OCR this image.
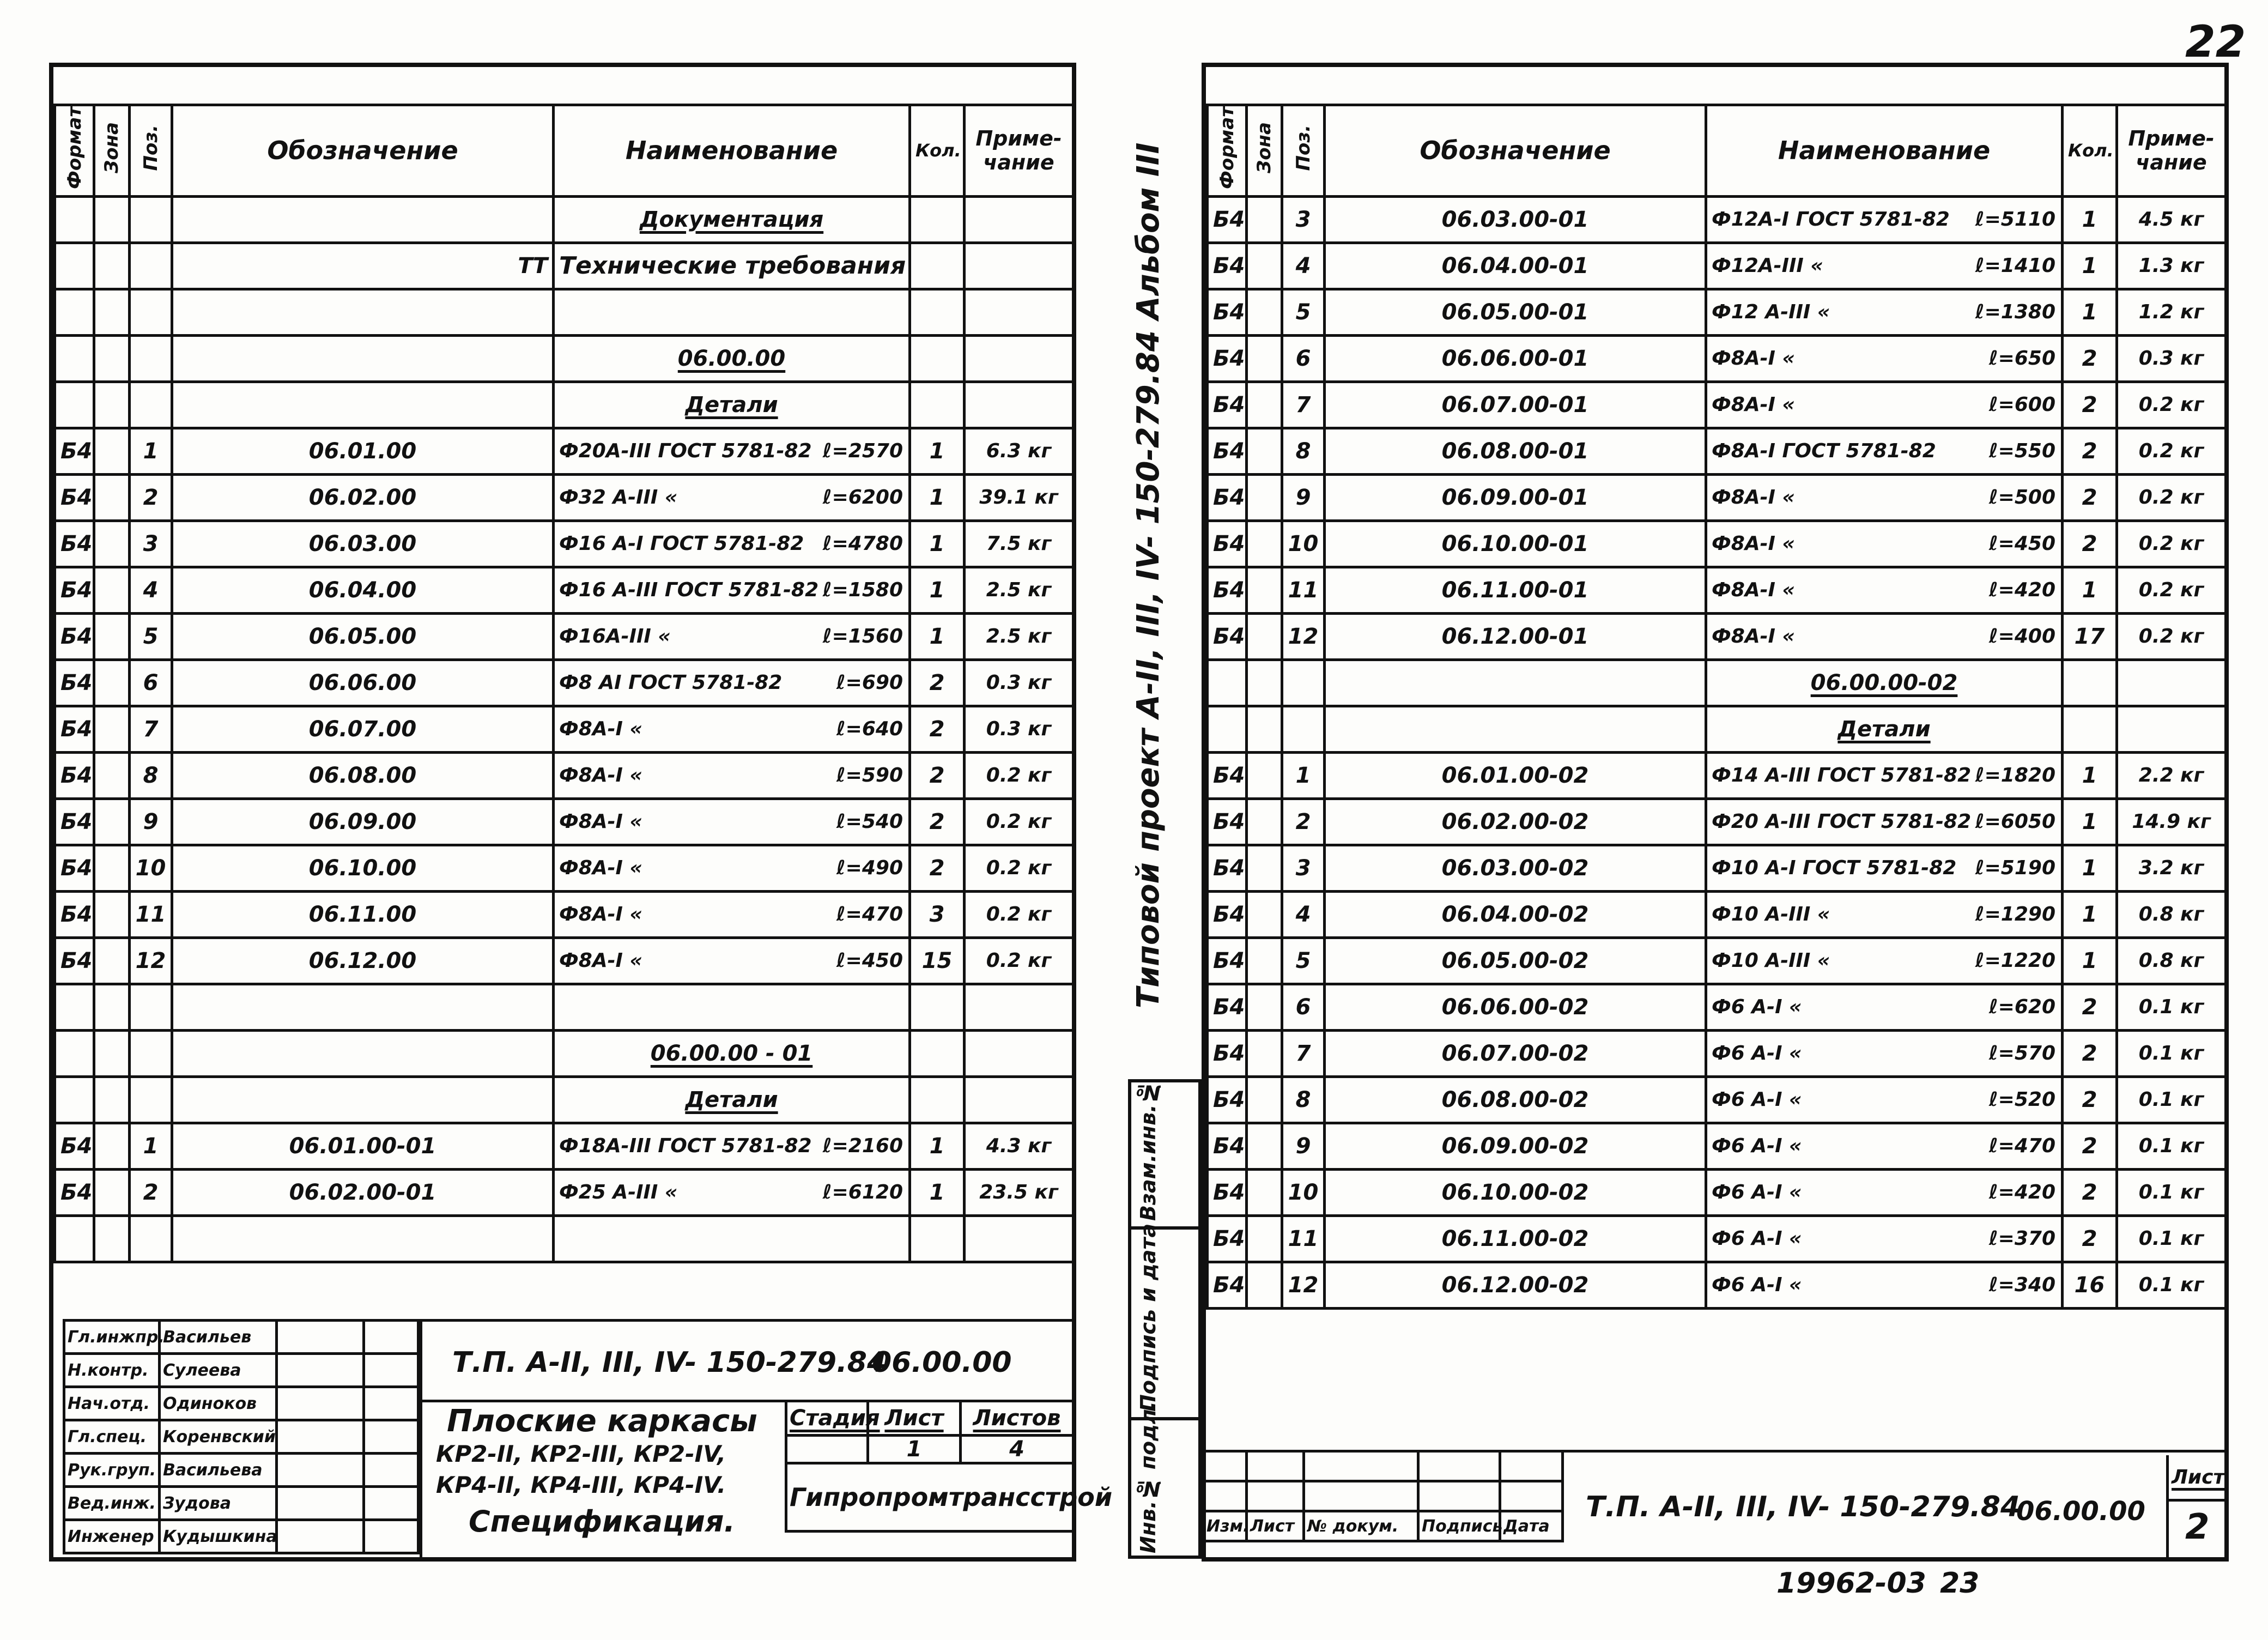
22
Формат	Зона	Поз.	Обозначение	Наименование	Кол.	Приме- чание
				Документация		
			ТТ	Технические требования		

				06.00.00		
				Детали		
Б4		1	06.01.00	Ф20А-III ГОСТ 5781-82 ℓ=2570	1	6.3 кг
Б4		2	06.02.00	Ф32 А-III « ℓ=6200	1	39.1 кг
Б4		3	06.03.00	Ф16 А-I ГОСТ 5781-82 ℓ=4780	1	7.5 кг
Б4		4	06.04.00	Ф16 А-III ГОСТ 5781-82 ℓ=1580	1	2.5 кг
Б4		5	06.05.00	Ф16А-III « ℓ=1560	1	2.5 кг
Б4		6	06.06.00	Ф8 АI ГОСТ 5781-82 ℓ=690	2	0.3 кг
Б4		7	06.07.00	Ф8А-I « ℓ=640	2	0.3 кг
Б4		8	06.08.00	Ф8А-I « ℓ=590	2	0.2 кг
Б4		9	06.09.00	Ф8А-I « ℓ=540	2	0.2 кг
Б4		10	06.10.00	Ф8А-I « ℓ=490	2	0.2 кг
Б4		11	06.11.00	Ф8А-I « ℓ=470	3	0.2 кг
Б4		12	06.12.00	Ф8А-I « ℓ=450	15	0.2 кг

				06.00.00 - 01		
				Детали		
Б4		1	06.01.00-01	Ф18А-III ГОСТ 5781-82 ℓ=2160	1	4.3 кг
Б4		2	06.02.00-01	Ф25 А-III « ℓ=6120	1	23.5 кг

Гл.инжпр.	Васильев		
Н.контр.	Сулеева		
Нач.отд.	Одиноков		
Гл.спец.	Коренвский		
Рук.груп.	Васильева		
Вед.инж.	Зудова		
Инженер	Кудышкина		
Т.П. А-II, III, IV- 150-279.84
06.00.00
Плоские каркасы
КР2-II, КР2-III, КР2-IV,
КР4-II, КР4-III, КР4-IV.
Спецификация.
Стадия	Лист	Листов
	1	4
Гипропромтрансстрой		
Формат	Зона	Поз.	Обозначение	Наименование	Кол.	Приме- чание
Б4		3	06.03.00-01	Ф12А-I ГОСТ 5781-82 ℓ=5110	1	4.5 кг
Б4		4	06.04.00-01	Ф12А-III « ℓ=1410	1	1.3 кг
Б4		5	06.05.00-01	Ф12 А-III « ℓ=1380	1	1.2 кг
Б4		6	06.06.00-01	Ф8А-I « ℓ=650	2	0.3 кг
Б4		7	06.07.00-01	Ф8А-I « ℓ=600	2	0.2 кг
Б4		8	06.08.00-01	Ф8А-I ГОСТ 5781-82 ℓ=550	2	0.2 кг
Б4		9	06.09.00-01	Ф8А-I « ℓ=500	2	0.2 кг
Б4		10	06.10.00-01	Ф8А-I « ℓ=450	2	0.2 кг
Б4		11	06.11.00-01	Ф8А-I « ℓ=420	1	0.2 кг
Б4		12	06.12.00-01	Ф8А-I « ℓ=400	17	0.2 кг
				06.00.00-02		
				Детали		
Б4		1	06.01.00-02	Ф14 А-III ГОСТ 5781-82 ℓ=1820	1	2.2 кг
Б4		2	06.02.00-02	Ф20 А-III ГОСТ 5781-82 ℓ=6050	1	14.9 кг
Б4		3	06.03.00-02	Ф10 А-I ГОСТ 5781-82 ℓ=5190	1	3.2 кг
Б4		4	06.04.00-02	Ф10 А-III « ℓ=1290	1	0.8 кг
Б4		5	06.05.00-02	Ф10 А-III « ℓ=1220	1	0.8 кг
Б4		6	06.06.00-02	Ф6 А-I « ℓ=620	2	0.1 кг
Б4		7	06.07.00-02	Ф6 А-I « ℓ=570	2	0.1 кг
Б4		8	06.08.00-02	Ф6 А-I « ℓ=520	2	0.1 кг
Б4		9	06.09.00-02	Ф6 А-I « ℓ=470	2	0.1 кг
Б4		10	06.10.00-02	Ф6 А-I « ℓ=420	2	0.1 кг
Б4		11	06.11.00-02	Ф6 А-I « ℓ=370	2	0.1 кг
Б4		12	06.12.00-02	Ф6 А-I « ℓ=340	16	0.1 кг

Изм.	Лист	№ докум.	Подпись	Дата
Т.П. А-II, III, IV- 150-279.84
06.00.00
Лист
2
Типовой проект А-II, III, IV- 150-279.84 Альбом III
Взам.инв.№
Подпись и дата
Инв.№ подл.
19962-03 23
